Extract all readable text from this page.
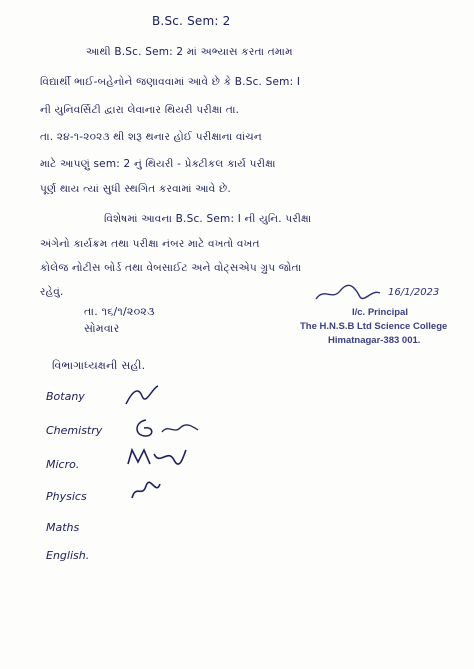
B.Sc. Sem: 2
આથી B.Sc. Sem: 2 માં અભ્યાસ કરતા તમામ
વિદ્યાર્થી ભાઈ-બહેનોને જણાવવામાં આવે છે કે B.Sc. Sem: I
ની યુનિવર્સિટી દ્વારા લેવાનાર થિયરી પરીક્ષા તા.
તા. ૨૪-૧-૨૦૨૩ થી શરૂ થનાર હોઈ પરીક્ષાના વાંચન
માટે આપણું sem: 2 નું થિયરી - પ્રેક્ટીકલ કાર્ય પરીક્ષા
પૂર્ણ થાય ત્યાં સુધી સ્થગિત કરવામાં આવે છે.
વિશેષમાં આવના B.Sc. Sem: I ની યુનિ. પરીક્ષા
અંગેનો કાર્યક્રમ તથા પરીક્ષા નંબર માટે વખતો વખત
કોલેજ નોટીસ બોર્ડ તથા વેબસાઈટ અને વોટ્સએપ ગ્રુપ જોતા
રહેવું.
તા. ૧૬/૧/૨૦૨૩
સોમવાર
16/1/2023
I/c. Principal
The H.N.S.B Ltd Science College
Himatnagar-383 001.
વિભાગાધ્યક્ષની સહી.
Botany
Chemistry
Micro.
Physics
Maths
English.
